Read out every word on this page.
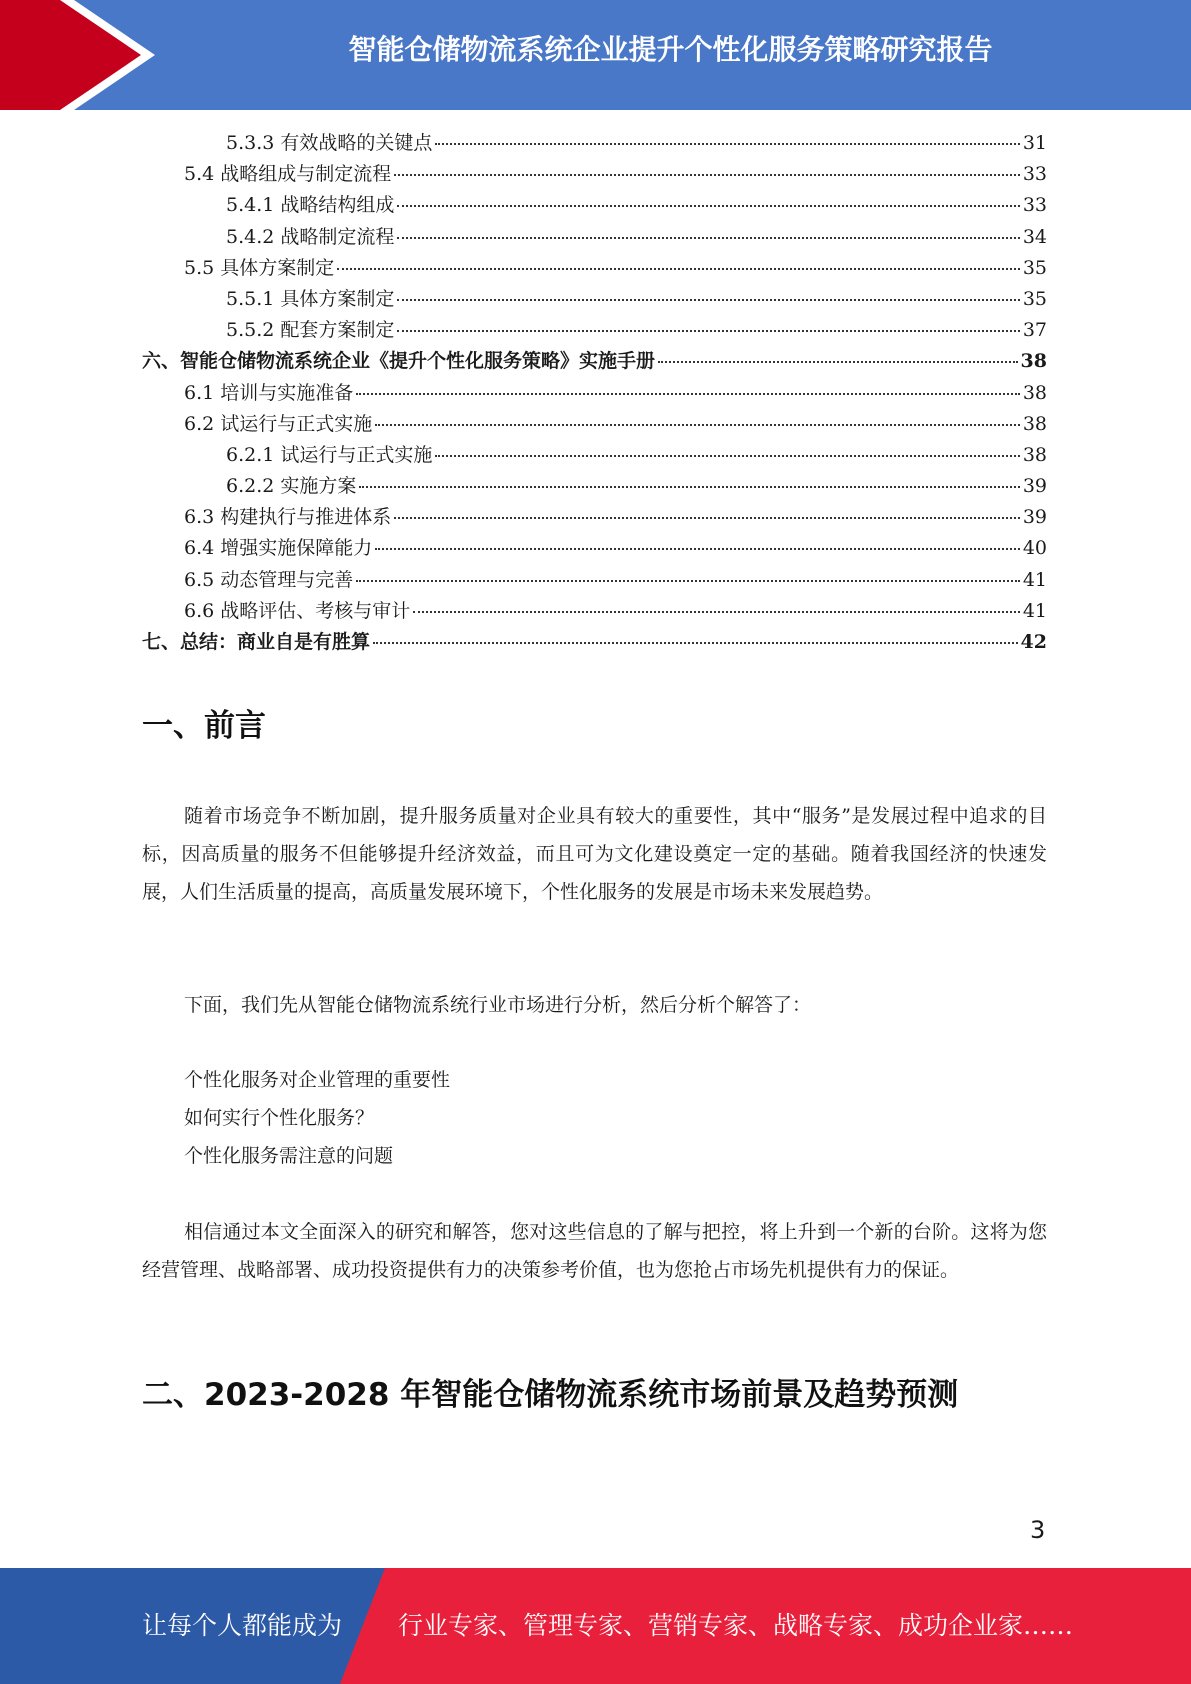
智能仓储物流系统企业提升个性化服务策略研究报告
5.3.3 有效战略的关键点	31
5.4 战略组成与制定流程	33
5.4.1 战略结构组成	33
5.4.2 战略制定流程	34
5.5 具体方案制定	35
5.5.1 具体方案制定	35
5.5.2 配套方案制定	37
六、智能仓储物流系统企业《提升个性化服务策略》实施手册	38
6.1 培训与实施准备	38
6.2 试运行与正式实施	38
6.2.1 试运行与正式实施	38
6.2.2 实施方案	39
6.3 构建执行与推进体系	39
6.4 增强实施保障能力	40
6.5 动态管理与完善	41
6.6 战略评估、考核与审计	41
七、总结：商业自是有胜算	42
一、前言
随着市场竞争不断加剧，提升服务质量对企业具有较大的重要性，其中“服务”是发展过程中追求的目标，因高质量的服务不但能够提升经济效益，而且可为文化建设奠定一定的基础。随着我国经济的快速发展，人们生活质量的提高，高质量发展环境下，个性化服务的发展是市场未来发展趋势。
下面，我们先从智能仓储物流系统行业市场进行分析，然后分析个解答了：
个性化服务对企业管理的重要性
如何实行个性化服务？
个性化服务需注意的问题
相信通过本文全面深入的研究和解答，您对这些信息的了解与把控，将上升到一个新的台阶。这将为您经营管理、战略部署、成功投资提供有力的决策参考价值，也为您抢占市场先机提供有力的保证。
二、2023-2028 年智能仓储物流系统市场前景及趋势预测
3
让每个人都能成为 行业专家、管理专家、营销专家、战略专家、成功企业家……
